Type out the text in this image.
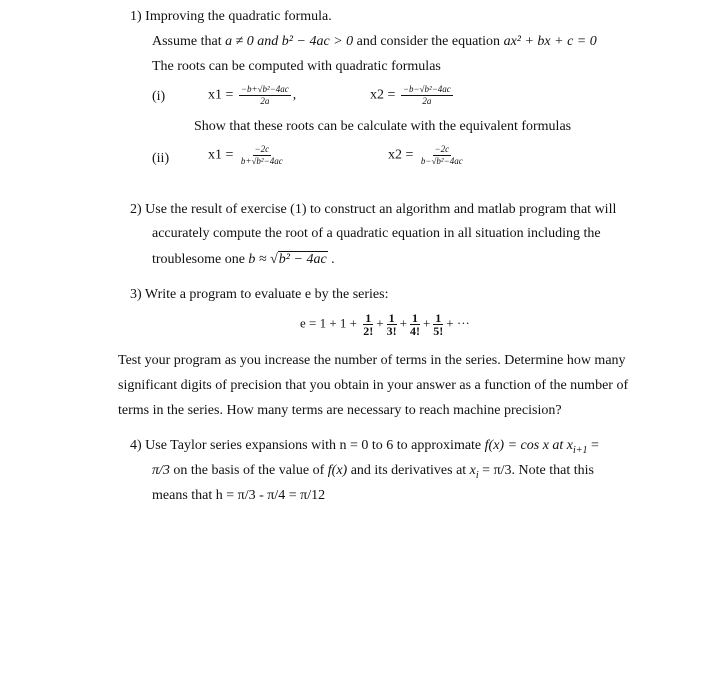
1) Improving the quadratic formula.
Assume that a ≠ 0 and b² − 4ac > 0 and consider the equation ax² + bx + c = 0
The roots can be computed with quadratic formulas
(i)	$x1 = \frac{\text{−b+√b²−4ac}}{2a}$ ,	$x2 = \frac{\text{−b−√b²−4ac}}{2a}$
Show that these roots can be calculate with the equivalent formulas
(ii)	$x1 = \frac{-2c}{\text{b+√b²−4ac}}$	$x2 = \frac{-2c}{\text{b−√b²−4ac}}$
2) Use the result of exercise (1) to construct an algorithm and matlab program that will
accurately compute the root of a quadratic equation in all situation including the
troublesome one b ≈ √b² − 4ac .
3) Write a program to evaluate e by the series:
$e = 1 + 1 + \frac{1}{2!} + \frac{1}{3!} + \frac{1}{4!} + \frac{1}{5!}$ + ···
Test your program as you increase the number of terms in the series. Determine how many
significant digits of precision that you obtain in your answer as a function of the number of
terms in the series. How many terms are necessary to reach machine precision?
4) Use Taylor series expansions with n = 0 to 6 to approximate f(x) = cos x at $x_{i+1}$ =
π/3 on the basis of the value of f(x) and its derivatives at $x_i = \pi/3$. Note that this
means that h = π/3 - π/4 = π/12
